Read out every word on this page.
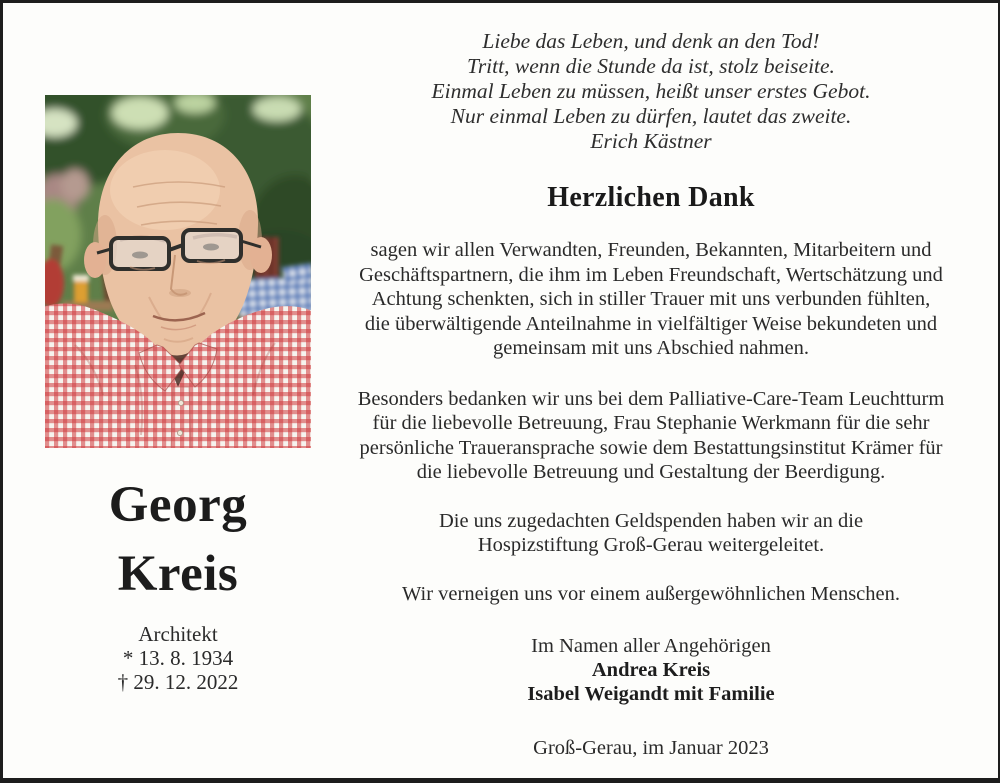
Georg
Kreis
Architekt
* 13. 8. 1934
† 29. 12. 2022
Liebe das Leben, und denk an den Tod!
Tritt, wenn die Stunde da ist, stolz beiseite.
Einmal Leben zu müssen, heißt unser erstes Gebot.
Nur einmal Leben zu dürfen, lautet das zweite.
Erich Kästner
Herzlichen Dank
sagen wir allen Verwandten, Freunden, Bekannten, Mitarbeitern und
Geschäftspartnern, die ihm im Leben Freundschaft, Wertschätzung und
Achtung schenkten, sich in stiller Trauer mit uns verbunden fühlten,
die überwältigende Anteilnahme in vielfältiger Weise bekundeten und
gemeinsam mit uns Abschied nahmen.
Besonders bedanken wir uns bei dem Palliative-Care-Team Leuchtturm
für die liebevolle Betreuung, Frau Stephanie Werkmann für die sehr
persönliche Traueransprache sowie dem Bestattungsinstitut Krämer für
die liebevolle Betreuung und Gestaltung der Beerdigung.
Die uns zugedachten Geldspenden haben wir an die
Hospizstiftung Groß-Gerau weitergeleitet.
Wir verneigen uns vor einem außergewöhnlichen Menschen.
Im Namen aller Angehörigen
Andrea Kreis
Isabel Weigandt mit Familie
Groß-Gerau, im Januar 2023
